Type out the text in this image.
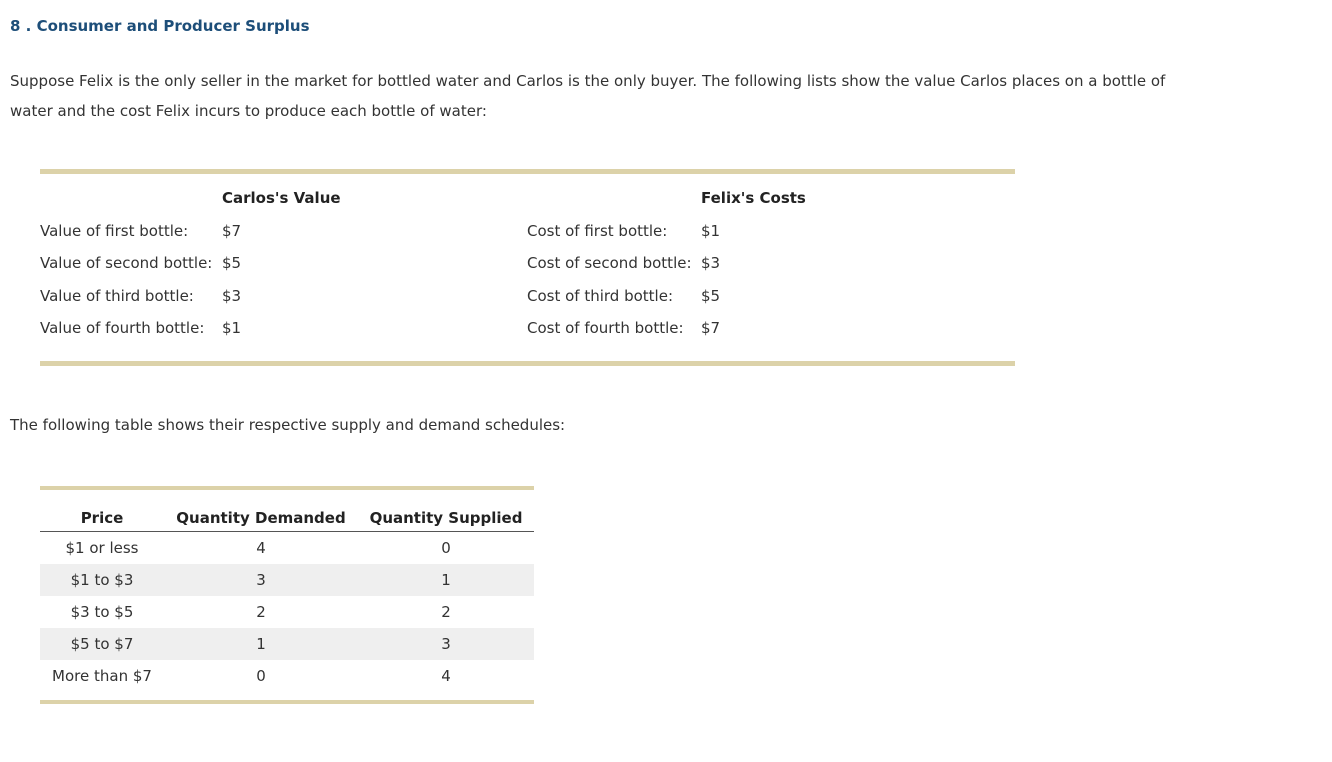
8 . Consumer and Producer Surplus

Suppose Felix is the only seller in the market for bottled water and Carlos is the only buyer. The following lists show the value Carlos places on a bottle of water and the cost Felix incurs to produce each bottle of water:

Carlos's Value
Value of first bottle: $7
Value of second bottle: $5
Value of third bottle: $3
Value of fourth bottle: $1
Felix's Costs
Cost of first bottle: $1
Cost of second bottle: $3
Cost of third bottle: $5
Cost of fourth bottle: $7

The following table shows their respective supply and demand schedules:

Price	Quantity Demanded	Quantity Supplied
$1 or less	4	0
$1 to $3	3	1
$3 to $5	2	2
$5 to $7	1	3
More than $7	0	4
